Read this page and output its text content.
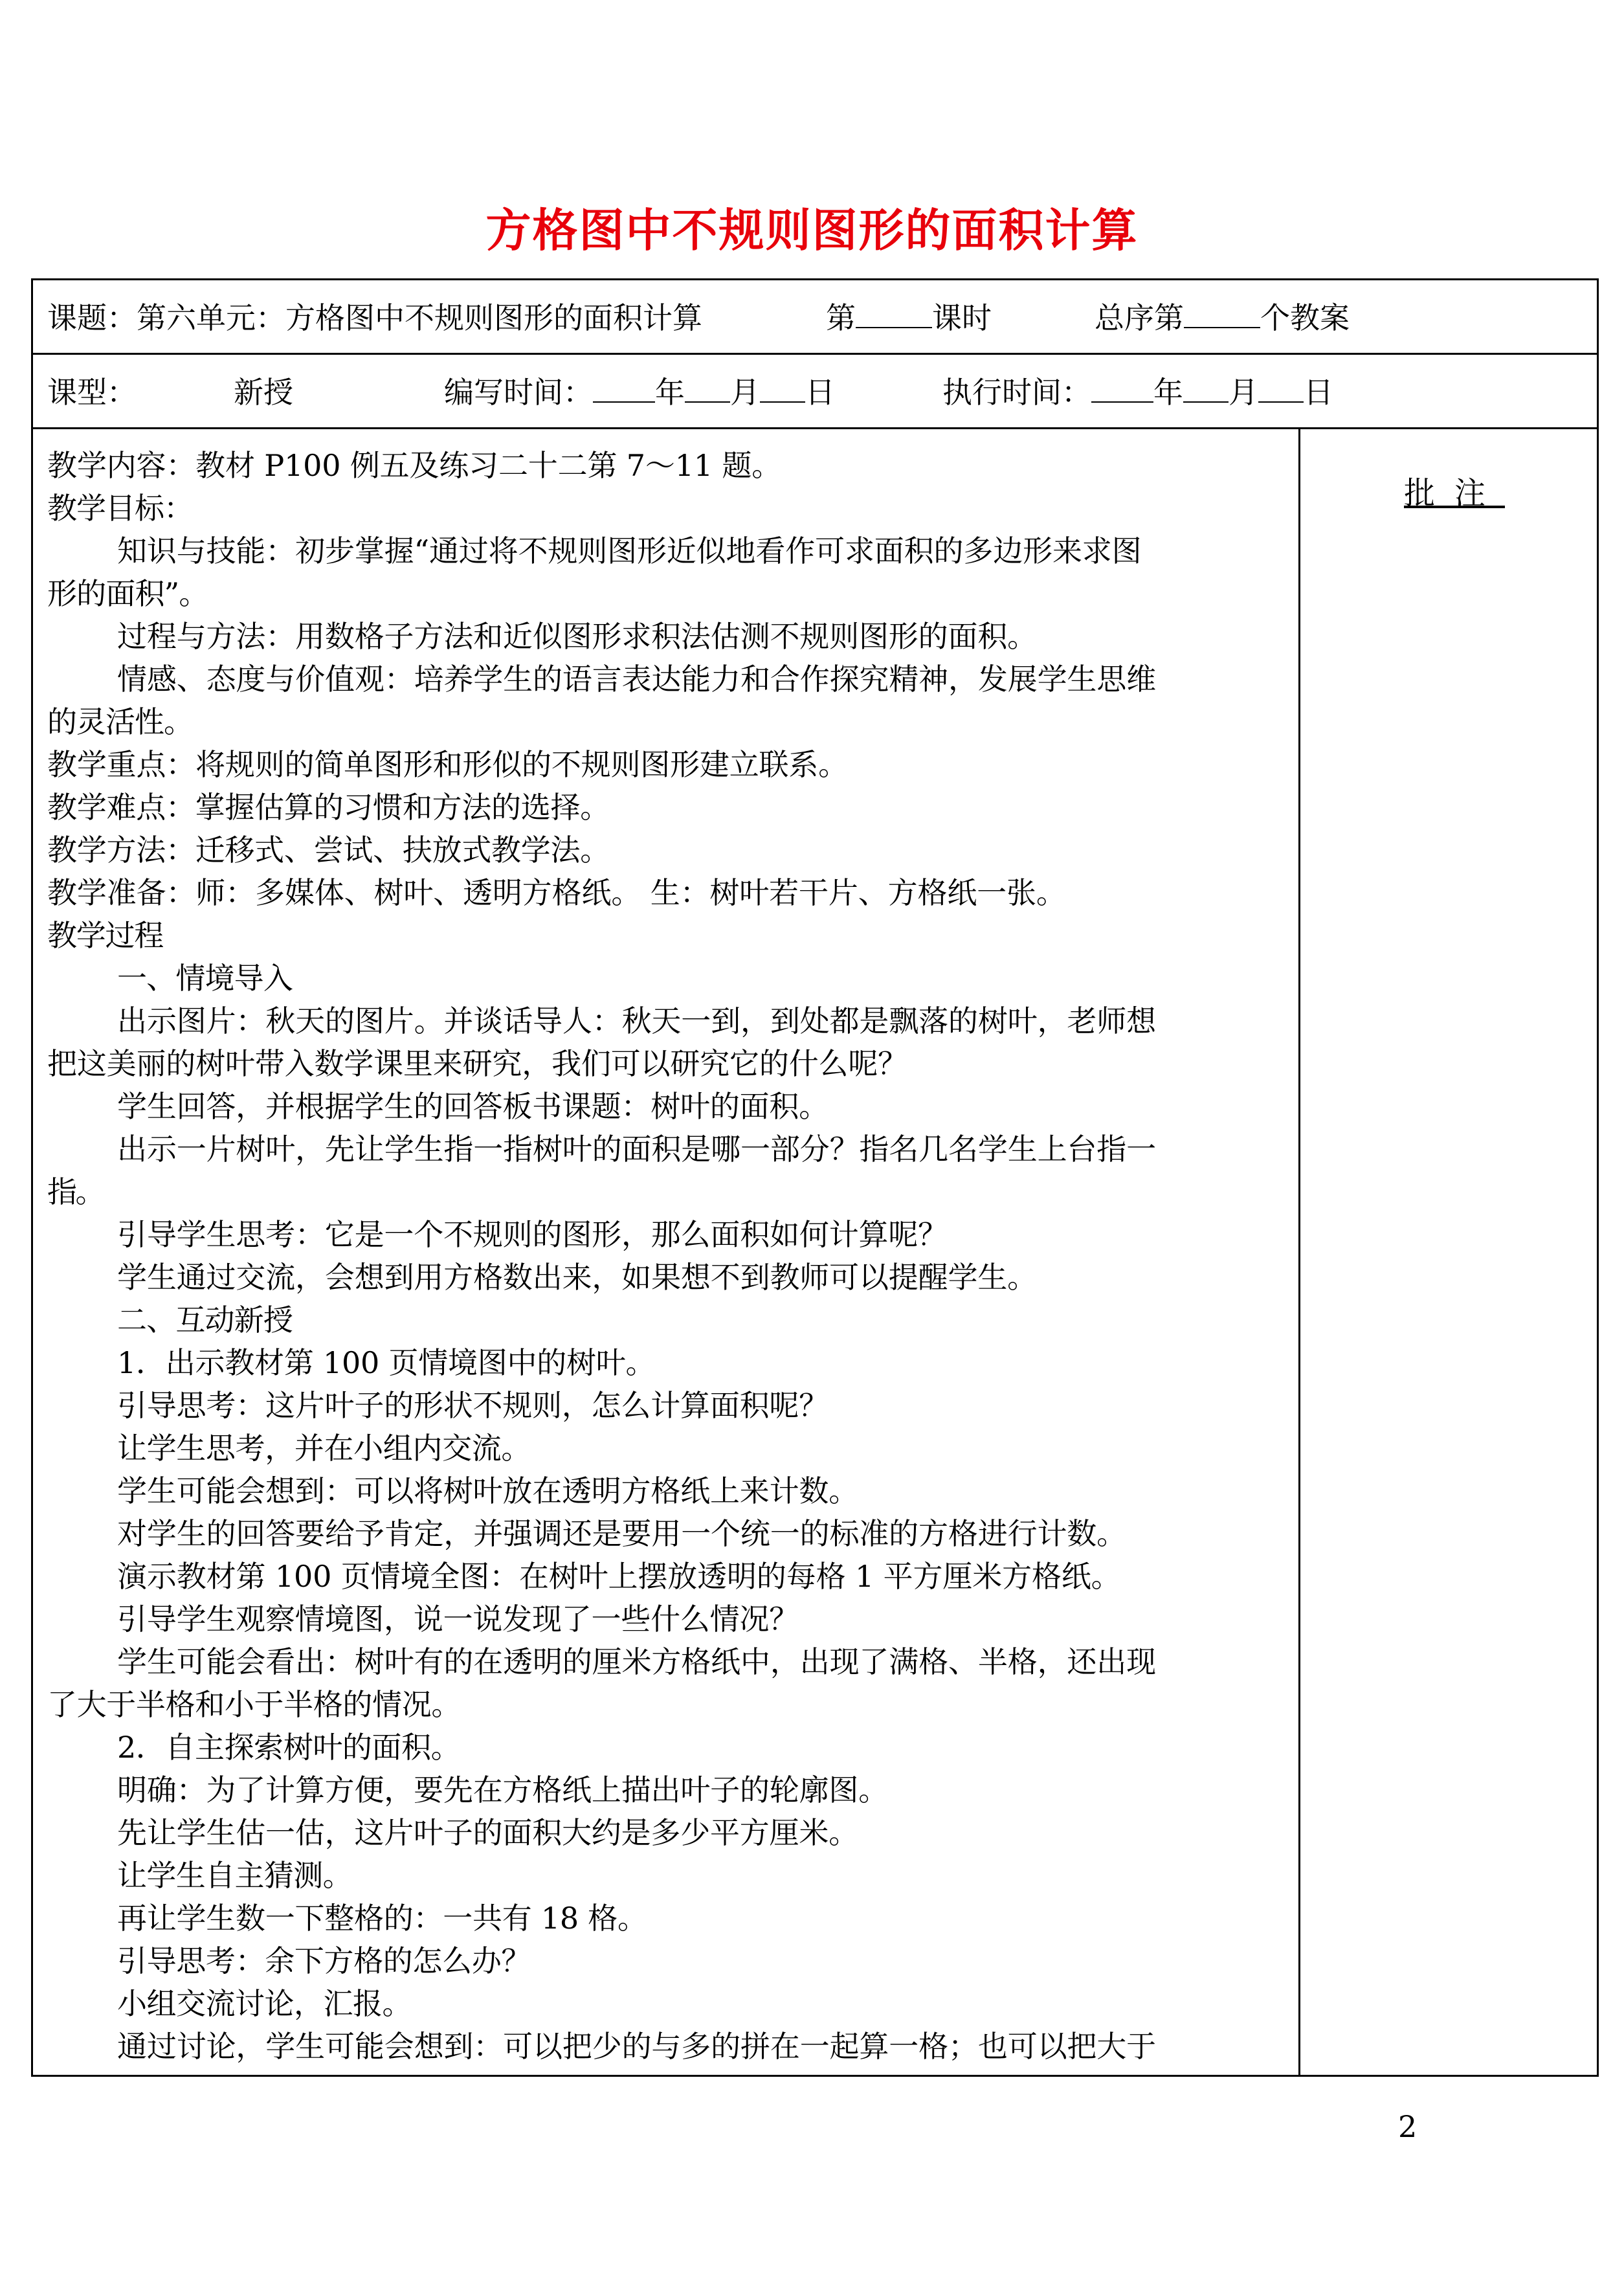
方格图中不规则图形的面积计算
课题：第六单元：方格图中不规则图形的面积计算	第	课时	总序第	个教案
课型：	新授	编写时间： 年 月 日	执行时间： 年 月 日

教学内容：教材 P100 例五及练习二十二第 7～11 题。

教学目标：

知识与技能：初步掌握“通过将不规则图形近似地看作可求面积的多边形来求图

形的面积”。

过程与方法：用数格子方法和近似图形求积法估测不规则图形的面积。

情感、态度与价值观：培养学生的语言表达能力和合作探究精神，发展学生思维

的灵活性。

教学重点：将规则的简单图形和形似的不规则图形建立联系。

教学难点：掌握估算的习惯和方法的选择。

教学方法：迁移式、尝试、扶放式教学法。

教学准备：师：多媒体、树叶、透明方格纸。 生：树叶若干片、方格纸一张。

教学过程

一、情境导入

出示图片：秋天的图片。并谈话导人：秋天一到，到处都是飘落的树叶，老师想

把这美丽的树叶带入数学课里来研究，我们可以研究它的什么呢？

学生回答，并根据学生的回答板书课题：树叶的面积。

出示一片树叶，先让学生指一指树叶的面积是哪一部分？指名几名学生上台指一

指。

引导学生思考：它是一个不规则的图形，那么面积如何计算呢？

学生通过交流，会想到用方格数出来，如果想不到教师可以提醒学生。

二、互动新授

1．出示教材第 100 页情境图中的树叶。

引导思考：这片叶子的形状不规则，怎么计算面积呢？

让学生思考，并在小组内交流。

学生可能会想到：可以将树叶放在透明方格纸上来计数。

对学生的回答要给予肯定，并强调还是要用一个统一的标准的方格进行计数。

演示教材第 100 页情境全图：在树叶上摆放透明的每格 1 平方厘米方格纸。

引导学生观察情境图，说一说发现了一些什么情况？

学生可能会看出：树叶有的在透明的厘米方格纸中，出现了满格、半格，还出现

了大于半格和小于半格的情况。

2．自主探索树叶的面积。

明确：为了计算方便，要先在方格纸上描出叶子的轮廓图。

先让学生估一估，这片叶子的面积大约是多少平方厘米。

让学生自主猜测。

再让学生数一下整格的：一共有 18 格。

引导思考：余下方格的怎么办？

小组交流讨论，汇报。

通过讨论，学生可能会想到：可以把少的与多的拼在一起算一格；也可以把大于

批注
2
